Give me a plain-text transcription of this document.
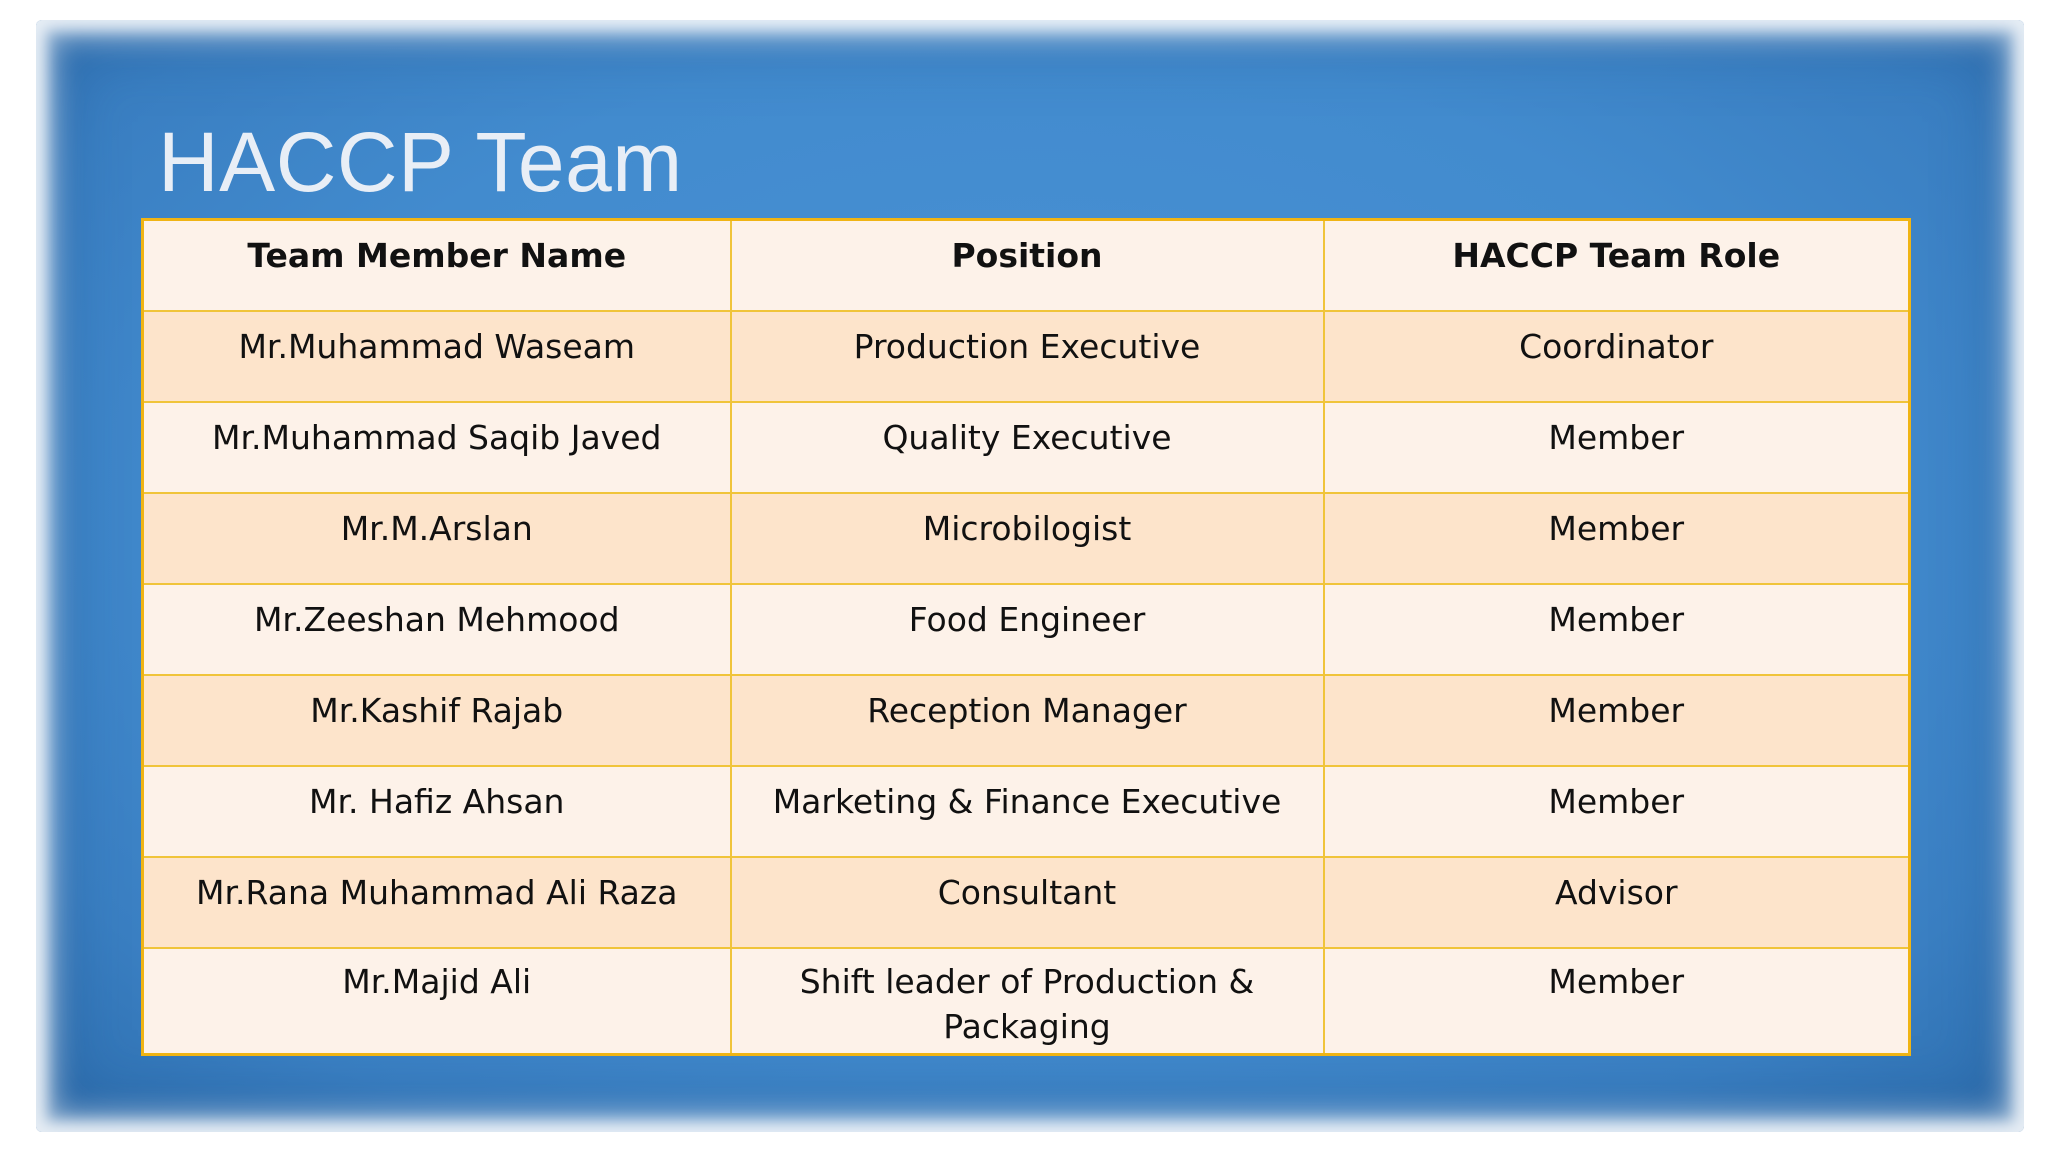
HACCP Team
Team Member Name	Position	HACCP Team Role
Mr.Muhammad Waseam	Production Executive	Coordinator
Mr.Muhammad Saqib Javed	Quality Executive	Member
Mr.M.Arslan	Microbilogist	Member
Mr.Zeeshan Mehmood	Food Engineer	Member
Mr.Kashif Rajab	Reception Manager	Member
Mr. Hafiz Ahsan	Marketing & Finance Executive	Member
Mr.Rana Muhammad Ali Raza	Consultant	Advisor
Mr.Majid Ali	Shift leader of Production & Packaging	Member
